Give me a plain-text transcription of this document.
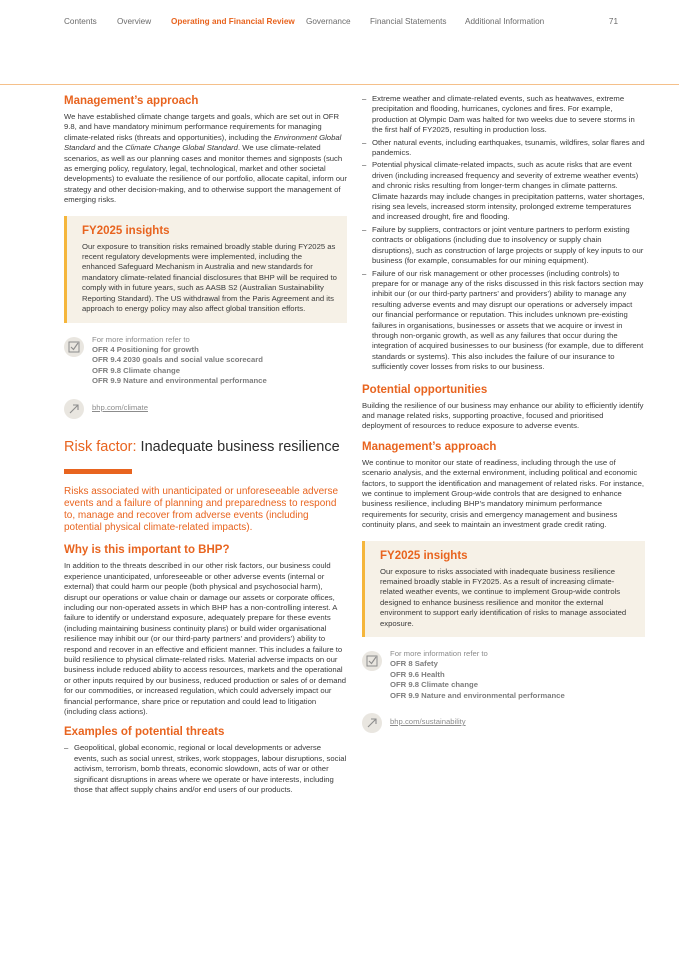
Contents Overview Operating and Financial Review Governance Financial Statements Additional Information	71
Management’s approach

We have established climate change targets and goals, which are set out in OFR 9.8, and have mandatory minimum performance requirements for managing climate-related risks (threats and opportunities), including the Environment Global Standard and the Climate Change Global Standard. We use climate-related scenarios, as well as our planning cases and monitor themes and signposts (such as emerging policy, regulatory, legal, technological, market and other societal developments) to evaluate the resilience of our portfolio, allocate capital, inform our strategy and other decision-making, and to otherwise support the management of emerging risks.

FY2025 insights

Our exposure to transition risks remained broadly stable during FY2025 as recent regulatory developments were implemented, including the enhanced Safeguard Mechanism in Australia and new standards for mandatory climate-related financial disclosures that BHP will be required to comply with in future years, such as AASB S2 (Australian Sustainability Reporting Standard). The US withdrawal from the Paris Agreement and its approach to energy policy may also affect global transition efforts.

For more information refer to
OFR 4 Positioning for growth
OFR 9.4 2030 goals and social value scorecard
OFR 9.8 Climate change
OFR 9.9 Nature and environmental performance
bhp.com/climate
Risk factor: Inadequate business resilience
Risks associated with unanticipated or unforeseeable adverse events and a failure of planning and preparedness to respond to, manage and recover from adverse events (including potential physical climate-related impacts).
Why is this important to BHP?

In addition to the threats described in our other risk factors, our business could experience unanticipated, unforeseeable or other adverse events (internal or external) that could harm our people (both physical and psychosocial harm), disrupt our operations or value chain or damage our assets or corporate offices, including our non-operated assets in which BHP has a non-controlling interest. A failure to identify or understand exposure, adequately prepare for these events (including maintaining business continuity plans) or build wider organisational resilience may inhibit our (or our third-party partners’ and providers’) ability to respond and recover in an effective and efficient manner. This includes a failure to build resilience to physical climate-related risks. Material adverse impacts on our business include reduced ability to access resources, markets and the operational or other inputs required by our business, reduced production or sales of or demand for our commodities, or increased regulation, which could adversely impact our financial performance, share price or reputation and could lead to litigation (including class actions).

Examples of potential threats
– Geopolitical, global economic, regional or local developments or adverse events, such as social unrest, strikes, work stoppages, labour disruptions, social activism, terrorism, bomb threats, economic slowdown, acts of war or other significant disruptions in areas where we operate or have interests, including those that affect supply chains and/or end users of our products.
– Extreme weather and climate-related events, such as heatwaves, extreme precipitation and flooding, hurricanes, cyclones and fires. For example, production at Olympic Dam was halted for two weeks due to severe storms in the first half of FY2025, resulting in production loss.
– Other natural events, including earthquakes, tsunamis, wildfires, solar flares and pandemics.
– Potential physical climate-related impacts, such as acute risks that are event driven (including increased frequency and severity of extreme weather events) and chronic risks resulting from longer-term changes in climate patterns. Climate hazards may include changes in precipitation patterns, water shortages, rising sea levels, increased storm intensity, prolonged extreme temperatures and increased drought, fire and flooding.
– Failure by suppliers, contractors or joint venture partners to perform existing contracts or obligations (including due to insolvency or supply chain disruptions), such as construction of large projects or supply of key inputs to our business (for example, consumables for our mining equipment).
– Failure of our risk management or other processes (including controls) to prepare for or manage any of the risks discussed in this risk factors section may inhibit our (or our third-party partners’ and providers’) ability to manage any resulting adverse events and may disrupt our operations or adversely impact our financial performance or reputation. This includes unknown pre-existing failures in organisations, businesses or assets that we acquire or invest in through non-organic growth, as well as any failures that occur during the integration of acquired businesses to our business (for example, due to different standards or systems). This also includes the failure of our insurance to sufficiently cover losses from risks to our business.
Potential opportunities

Building the resilience of our business may enhance our ability to efficiently identify and manage related risks, supporting proactive, focused and prioritised deployment of resources to reduce exposure to adverse events.

Management’s approach

We continue to monitor our state of readiness, including through the use of scenario analysis, and the external environment, including political and economic factors, to support the identification and management of related risks. For instance, we continue to implement Group-wide controls that are designed to enhance business resilience, including BHP’s mandatory minimum performance requirements for security, crisis and emergency management and business continuity plans, and seek to maintain an investment grade credit rating.

FY2025 insights

Our exposure to risks associated with inadequate business resilience remained broadly stable in FY2025. As a result of increasing climate-related weather events, we continue to implement Group-wide controls designed to enhance business resilience and monitor the external environment to support early identification of risks to manage associated exposure.

For more information refer to
OFR 8 Safety
OFR 9.6 Health
OFR 9.8 Climate change
OFR 9.9 Nature and environmental performance
bhp.com/sustainability
